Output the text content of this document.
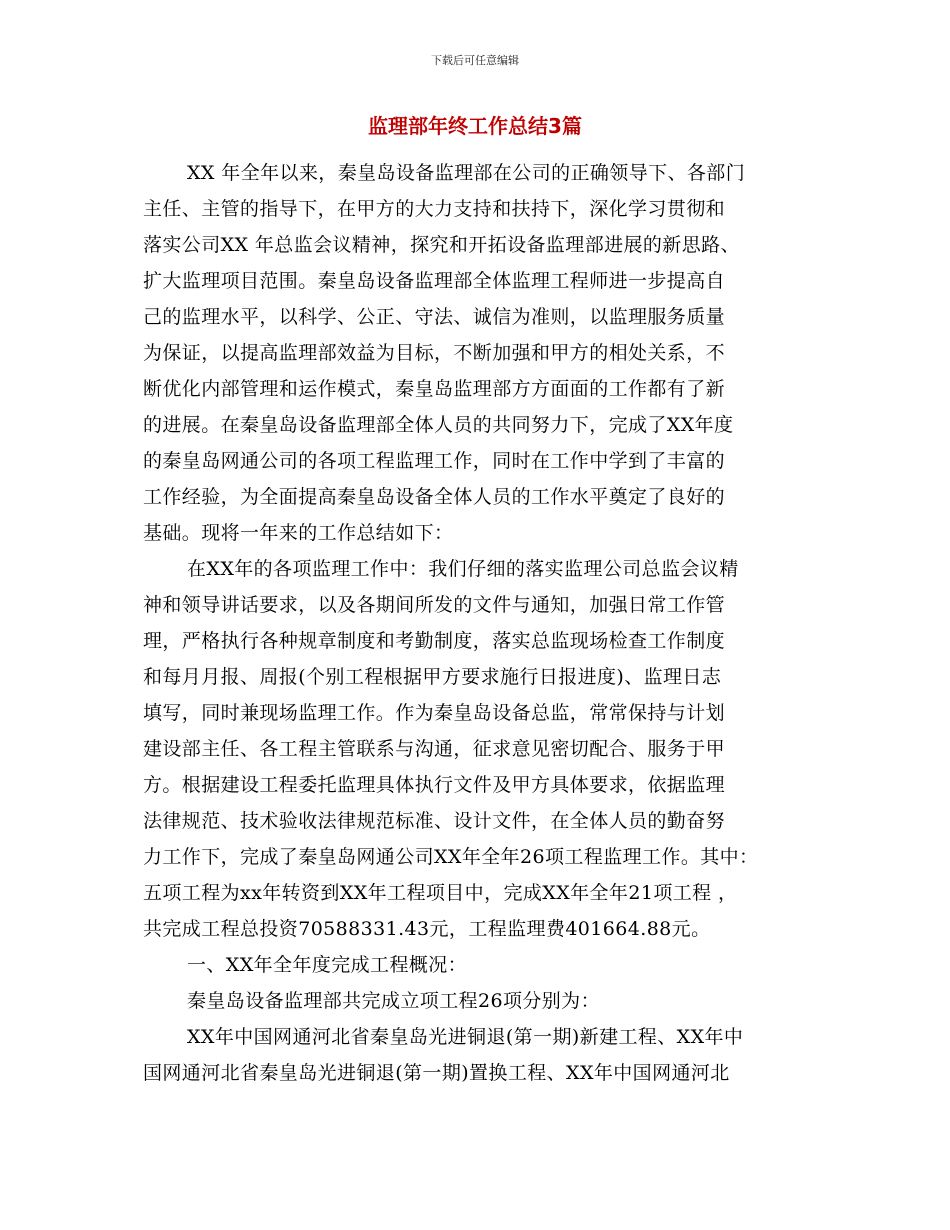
下载后可任意编辑
监理部年终工作总结3篇
XX 年全年以来，秦皇岛设备监理部在公司的正确领导下、各部门
主任、主管的指导下，在甲方的大力支持和扶持下，深化学习贯彻和
落实公司XX 年总监会议精神，探究和开拓设备监理部进展的新思路、
扩大监理项目范围。秦皇岛设备监理部全体监理工程师进一步提高自
己的监理水平，以科学、公正、守法、诚信为准则，以监理服务质量
为保证，以提高监理部效益为目标，不断加强和甲方的相处关系，不
断优化内部管理和运作模式，秦皇岛监理部方方面面的工作都有了新
的进展。在秦皇岛设备监理部全体人员的共同努力下，完成了XX年度
的秦皇岛网通公司的各项工程监理工作，同时在工作中学到了丰富的
工作经验，为全面提高秦皇岛设备全体人员的工作水平奠定了良好的
基础。现将一年来的工作总结如下：
在XX年的各项监理工作中：我们仔细的落实监理公司总监会议精
神和领导讲话要求，以及各期间所发的文件与通知，加强日常工作管
理，严格执行各种规章制度和考勤制度，落实总监现场检查工作制度
和每月月报、周报(个别工程根据甲方要求施行日报进度)、监理日志
填写，同时兼现场监理工作。作为秦皇岛设备总监，常常保持与计划
建设部主任、各工程主管联系与沟通，征求意见密切配合、服务于甲
方。根据建设工程委托监理具体执行文件及甲方具体要求，依据监理
法律规范、技术验收法律规范标准、设计文件，在全体人员的勤奋努
力工作下，完成了秦皇岛网通公司XX年全年26项工程监理工作。其中：
五项工程为xx年转资到XX年工程项目中，完成XX年全年21项工程 ，
共完成工程总投资70588331.43元，工程监理费401664.88元。
一、XX年全年度完成工程概况：
秦皇岛设备监理部共完成立项工程26项分别为：
XX年中国网通河北省秦皇岛光进铜退(第一期)新建工程、XX年中
国网通河北省秦皇岛光进铜退(第一期)置换工程、XX年中国网通河北
